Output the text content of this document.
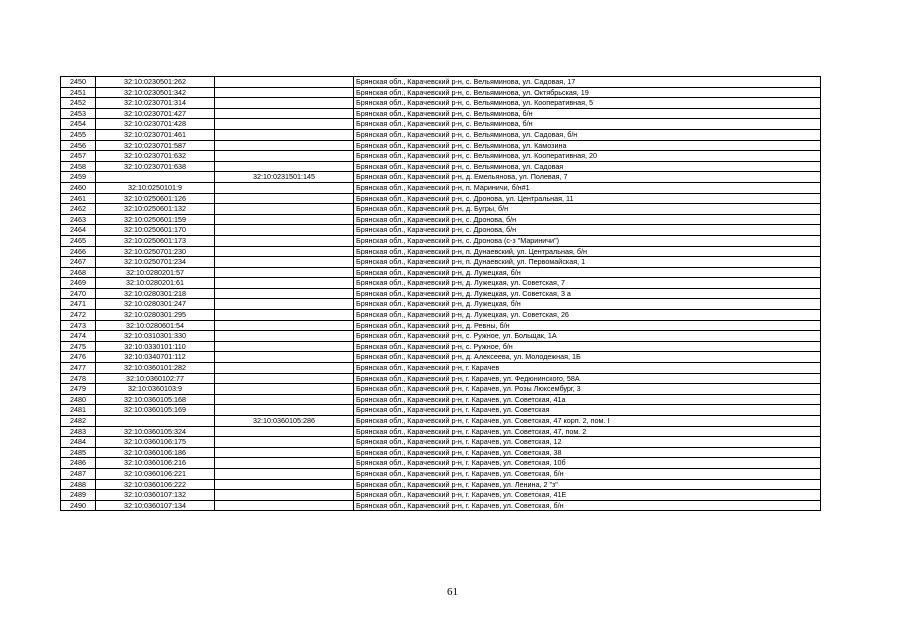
2450	32:10:0230501:262		Брянская обл., Карачевский р-н, с. Вельяминова, ул. Садовая, 17
2451	32:10:0230501:342		Брянская обл., Карачевский р-н, с. Вельяминова, ул. Октябрьская, 19
2452	32:10:0230701:314		Брянская обл., Карачевский р-н, с. Вельяминова, ул. Кооперативная, 5
2453	32:10:0230701:427		Брянская обл., Карачевский р-н, с. Вельяминова, б/н
2454	32:10:0230701:428		Брянская обл., Карачевский р-н, с. Вельяминова, б/н
2455	32:10:0230701:461		Брянская обл., Карачевский р-н, с. Вельяминова, ул. Садовая, б/н
2456	32:10:0230701:587		Брянская обл., Карачевский р-н, с. Вельяминова, ул. Камозина
2457	32:10:0230701:632		Брянская обл., Карачевский р-н, с. Вельяминова, ул. Кооперативная, 20
2458	32:10:0230701:638		Брянская обл., Карачевский р-н, с. Вельяминова, ул. Садовая
2459		32:10:0231501:145	Брянская обл., Карачевский р-н, д. Емельянова, ул. Полевая, 7
2460	32:10:0250101:9		Брянская обл., Карачевский р-н, п. Мариничи, б/н#1
2461	32:10:0250601:126		Брянская обл., Карачевский р-н, с. Дронова, ул. Центральная, 11
2462	32:10:0250601:132		Брянская обл., Карачевский р-н, д. Бугры, б/н
2463	32:10:0250601:159		Брянская обл., Карачевский р-н, с. Дронова, б/н
2464	32:10:0250601:170		Брянская обл., Карачевский р-н, с. Дронова, б/н
2465	32:10:0250601:173		Брянская обл., Карачевский р-н, с. Дронова (с-з "Мариничи")
2466	32:10:0250701:230		Брянская обл., Карачевский р-н, п. Дунаевский, ул. Центральная, б/н
2467	32:10:0250701:234		Брянская обл., Карачевский р-н, п. Дунаевский, ул. Первомайская, 1
2468	32:10:0280201:57		Брянская обл., Карачевский р-н, д. Лужецкая, б/н
2469	32:10:0280201:61		Брянская обл., Карачевский р-н, д. Лужецкая, ул. Советская, 7
2470	32:10:0280301:218		Брянская обл., Карачевский р-н, д. Лужецкая, ул. Советская, 3 а
2471	32:10:0280301:247		Брянская обл., Карачевский р-н, д. Лужецкая, б/н
2472	32:10:0280301:295		Брянская обл., Карачевский р-н, д. Лужецкая, ул. Советская, 26
2473	32:10:0280601:54		Брянская обл., Карачевский р-н, д. Ревны, б/н
2474	32:10:0310301:330		Брянская обл., Карачевский р-н, с. Ружное, ул. Больщак, 1А
2475	32:10:0330101:110		Брянская обл., Карачевский р-н, с. Ружное, б/н
2476	32:10:0340701:112		Брянская обл., Карачевский р-н, д. Алексеева, ул. Молодежная, 1Б
2477	32:10:0360101:282		Брянская обл., Карачевский р-н, г. Карачев
2478	32:10:0360102:77		Брянская обл., Карачевский р-н, г. Карачев, ул. Федюнинского, 58А
2479	32:10:0360103:9		Брянская обл., Карачевский р-н, г. Карачев, ул. Розы Люксембург, 3
2480	32:10:0360105:168		Брянская обл., Карачевский р-н, г. Карачев, ул. Советская, 41а
2481	32:10:0360105:169		Брянская обл., Карачевский р-н, г. Карачев, ул. Советская
2482		32:10:0360105:286	Брянская обл., Карачевский р-н, г. Карачев, ул. Советская, 47 корп. 2, пом. I
2483	32:10:0360105:324		Брянская обл., Карачевский р-н, г. Карачев, ул. Советская, 47, пом. 2
2484	32:10:0360106:175		Брянская обл., Карачевский р-н, г. Карачев, ул. Советская, 12
2485	32:10:0360106:186		Брянская обл., Карачевский р-н, г. Карачев, ул. Советская, 38
2486	32:10:0360106:216		Брянская обл., Карачевский р-н, г. Карачев, ул. Советская, 10б
2487	32:10:0360106:221		Брянская обл., Карачевский р-н, г. Карачев, ул. Советская, б/н
2488	32:10:0360106:222		Брянская обл., Карачевский р-н, г. Карачев, ул. Ленина, 2 "з"
2489	32:10:0360107:132		Брянская обл., Карачевский р-н, г. Карачев, ул. Советская, 41Е
2490	32:10:0360107:134		Брянская обл., Карачевский р-н, г. Карачев, ул. Советская, б/н
61
